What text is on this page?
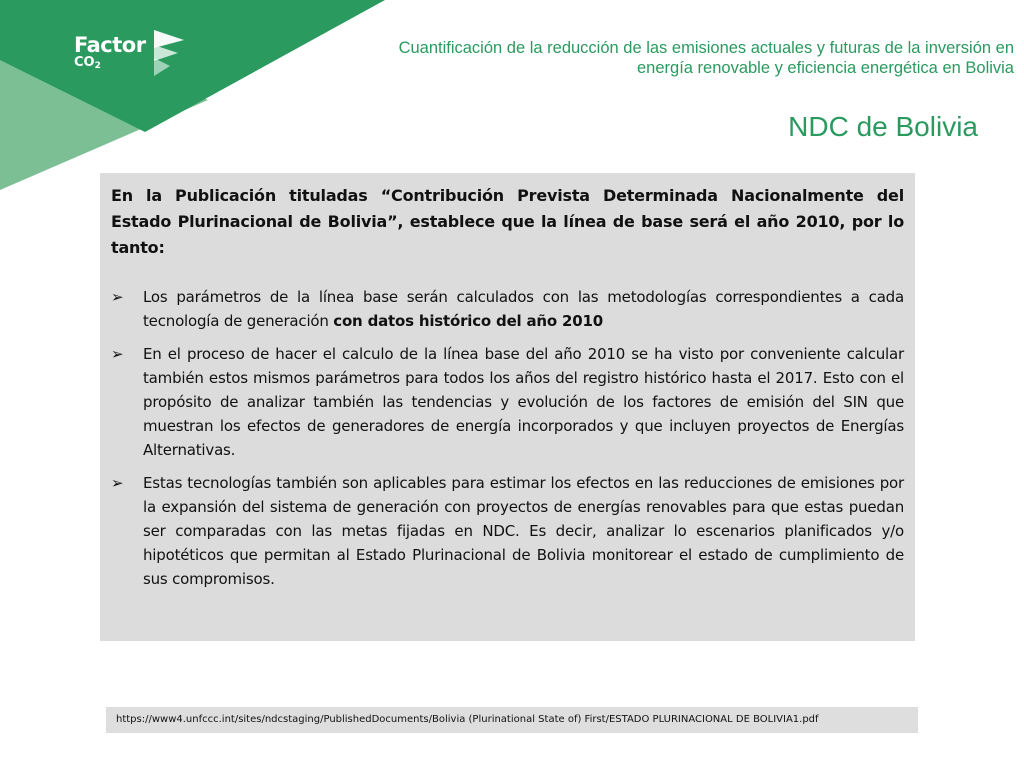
Factor
$CO_2$
Cuantificación de la reducción de las emisiones actuales y futuras de la inversión en
energía renovable y eficiencia energética en Bolivia
NDC de Bolivia

En la Publicación tituladas “Contribución Prevista Determinada Nacionalmente del Estado Plurinacional de Bolivia”, establece que la línea de base será el año 2010, por lo tanto:

➢ Los parámetros de la línea base serán calculados con las metodologías correspondientes a cada tecnología de generación con datos histórico del año 2010
➢ En el proceso de hacer el calculo de la línea base del año 2010 se ha visto por conveniente calcular también estos mismos parámetros para todos los años del registro histórico hasta el 2017. Esto con el propósito de analizar también las tendencias y evolución de los factores de emisión del SIN que muestran los efectos de generadores de energía incorporados y que incluyen proyectos de Energías Alternativas.
➢ Estas tecnologías también son aplicables para estimar los efectos en las reducciones de emisiones por la expansión del sistema de generación con proyectos de energías renovables para que estas puedan ser comparadas con las metas fijadas en NDC. Es decir, analizar lo escenarios planificados y/o hipotéticos que permitan al Estado Plurinacional de Bolivia monitorear el estado de cumplimiento de sus compromisos.
https://www4.unfccc.int/sites/ndcstaging/PublishedDocuments/Bolivia (Plurinational State of) First/ESTADO PLURINACIONAL DE BOLIVIA1.pdf
